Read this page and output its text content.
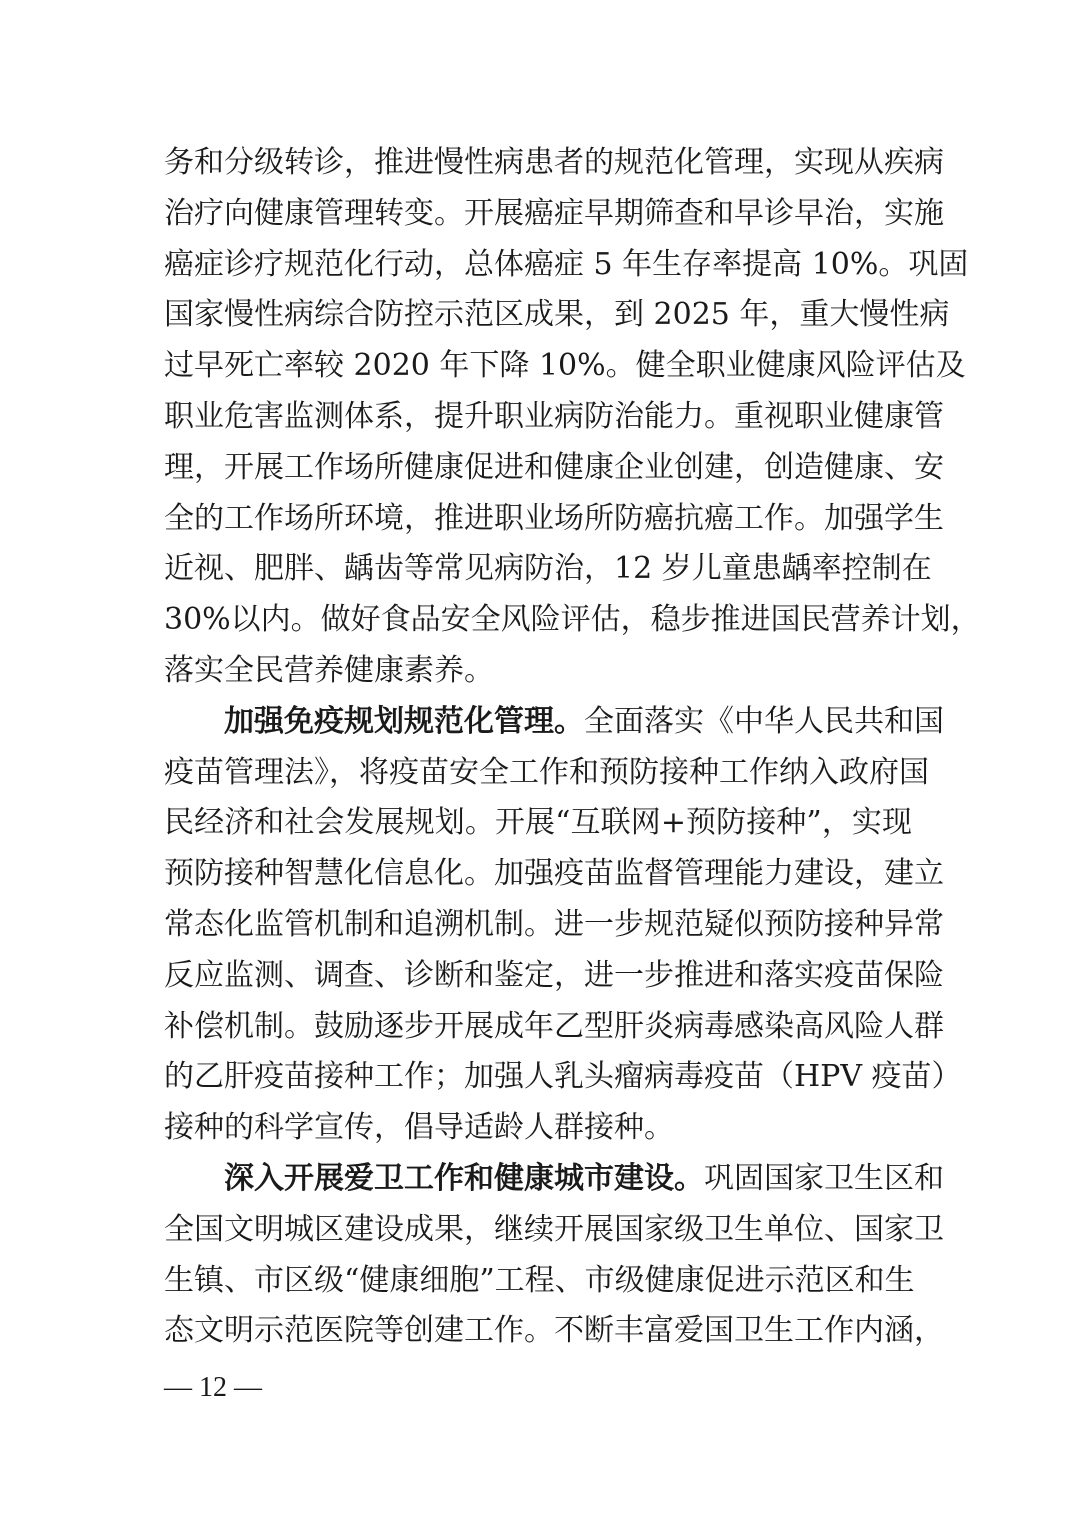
务和分级转诊，推进慢性病患者的规范化管理，实现从疾病
治疗向健康管理转变。开展癌症早期筛查和早诊早治，实施
癌症诊疗规范化行动，总体癌症 5 年生存率提高 10%。巩固
国家慢性病综合防控示范区成果，到 2025 年，重大慢性病
过早死亡率较 2020 年下降 10%。健全职业健康风险评估及
职业危害监测体系，提升职业病防治能力。重视职业健康管
理，开展工作场所健康促进和健康企业创建，创造健康、安
全的工作场所环境，推进职业场所防癌抗癌工作。加强学生
近视、肥胖、龋齿等常见病防治，12 岁儿童患龋率控制在
30%以内。做好食品安全风险评估，稳步推进国民营养计划，
落实全民营养健康素养。
加强免疫规划规范化管理。全面落实《中华人民共和国
疫苗管理法》，将疫苗安全工作和预防接种工作纳入政府国
民经济和社会发展规划。开展“互联网+预防接种”，实现
预防接种智慧化信息化。加强疫苗监督管理能力建设，建立
常态化监管机制和追溯机制。进一步规范疑似预防接种异常
反应监测、调查、诊断和鉴定，进一步推进和落实疫苗保险
补偿机制。鼓励逐步开展成年乙型肝炎病毒感染高风险人群
的乙肝疫苗接种工作；加强人乳头瘤病毒疫苗（HPV 疫苗）
接种的科学宣传，倡导适龄人群接种。
深入开展爱卫工作和健康城市建设。巩固国家卫生区和
全国文明城区建设成果，继续开展国家级卫生单位、国家卫
生镇、市区级“健康细胞”工程、市级健康促进示范区和生
态文明示范医院等创建工作。不断丰富爱国卫生工作内涵，
— 12 —
